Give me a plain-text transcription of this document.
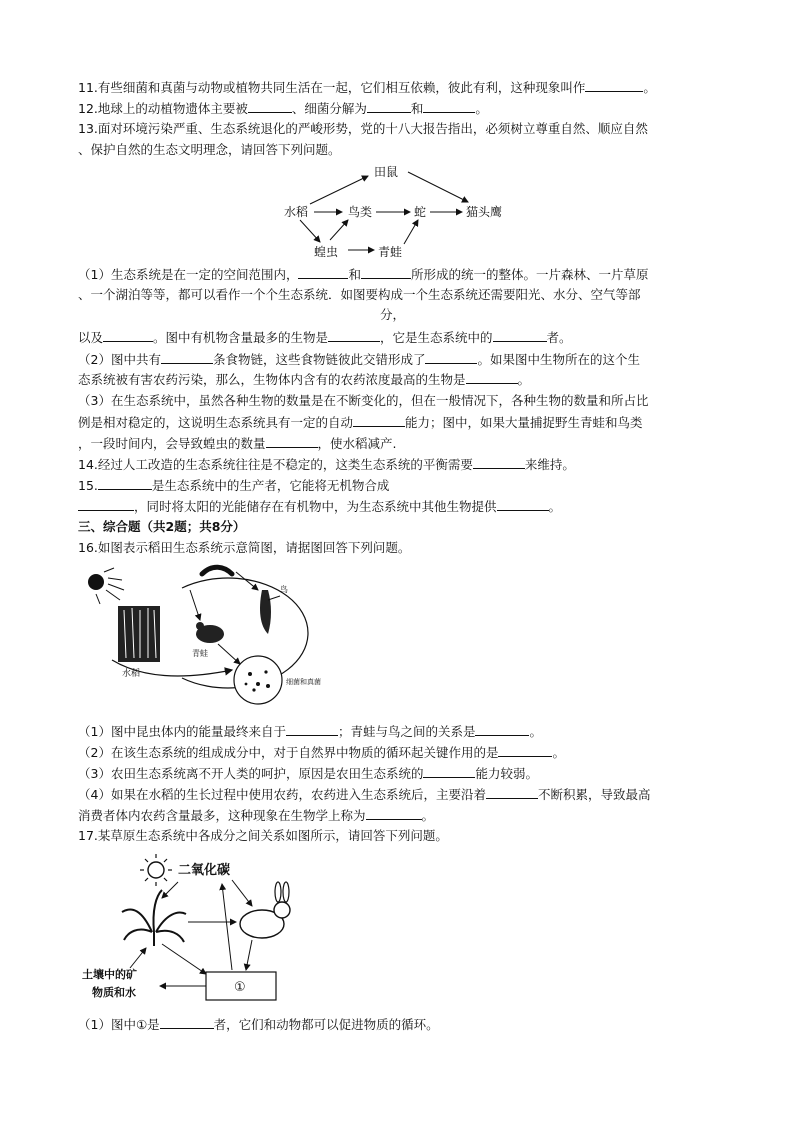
11.有些细菌和真菌与动物或植物共同生活在一起，它们相互依赖，彼此有利，这种现象叫作	。
12.地球上的动植物遗体主要被	、细菌分解为	和	。
13.面对环境污染严重、生态系统退化的严峻形势，党的十八大报告指出，必须树立尊重自然、顺应自然
、保护自然的生态文明理念，请回答下列问题。
田鼠
水稻	鸟类	蛇	猫头鹰
蝗虫	青蛙
（1）生态系统是在一定的空间范围内，	和	所形成的统一的整体。一片森林、一片草原
、一个湖泊等等，都可以看作一个个生态系统．如图要构成一个生态系统还需要阳光、水分、空气等部
分，
以及	。图中有机物含量最多的生物是	，它是生态系统中的	者。
（2）图中共有	条食物链，这些食物链彼此交错形成了	。如果图中生物所在的这个生
态系统被有害农药污染，那么，生物体内含有的农药浓度最高的生物是	。
（3）在生态系统中，虽然各种生物的数量是在不断变化的，但在一般情况下，各种生物的数量和所占比
例是相对稳定的，这说明生态系统具有一定的自动	能力；图中，如果大量捕捉野生青蛙和鸟类
，一段时间内，会导致蝗虫的数量	，使水稻减产.
14.经过人工改造的生态系统往往是不稳定的，这类生态系统的平衡需要	来维持。
15.	是生态系统中的生产者，它能将无机物合成
，同时将太阳的光能储存在有机物中，为生态系统中其他生物提供	。
三、综合题（共2题；共8分）
16.如图表示稻田生态系统示意简图，请据图回答下列问题。
水稻
青蛙
鸟
细菌和真菌
（1）图中昆虫体内的能量最终来自于	；青蛙与鸟之间的关系是	。
（2）在该生态系统的组成成分中，对于自然界中物质的循环起关键作用的是	。
（3）农田生态系统离不开人类的呵护，原因是农田生态系统的	能力较弱。
（4）如果在水稻的生长过程中使用农药，农药进入生态系统后，主要沿着	不断积累，导致最高
消费者体内农药含量最多，这种现象在生物学上称为	。
17.某草原生态系统中各成分之间关系如图所示，请回答下列问题。
二氧化碳
土壤中的矿
物质和水	①
（1）图中①是	者，它们和动物都可以促进物质的循环。
